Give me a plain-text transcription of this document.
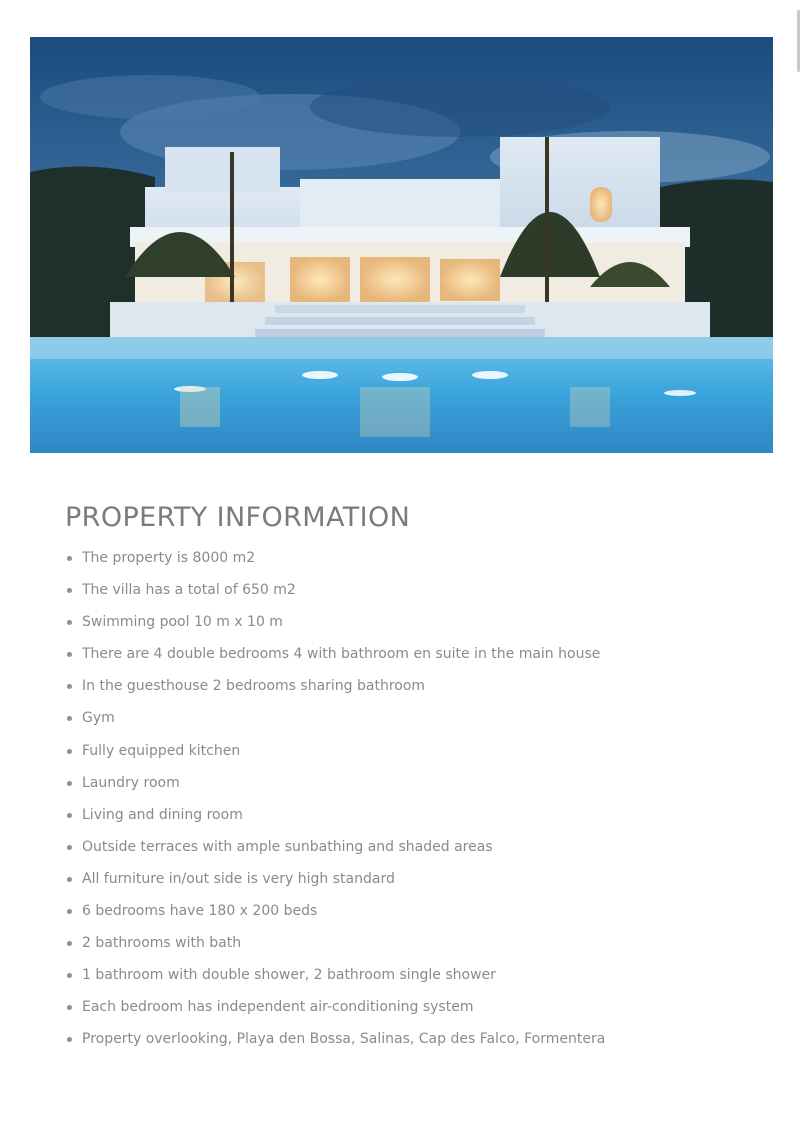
PROPERTY INFORMATION
The property is 8000 m2
The villa has a total of 650 m2
Swimming pool 10 m x 10 m
There are 4 double bedrooms 4 with bathroom en suite in the main house
In the guesthouse 2 bedrooms sharing bathroom
Gym
Fully equipped kitchen
Laundry room
Living and dining room
Outside terraces with ample sunbathing and shaded areas
All furniture in/out side is very high standard
6 bedrooms have 180 x 200 beds
2 bathrooms with bath
1 bathroom with double shower, 2 bathroom single shower
Each bedroom has independent air-conditioning system
Property overlooking, Playa den Bossa, Salinas, Cap des Falco, Formentera
